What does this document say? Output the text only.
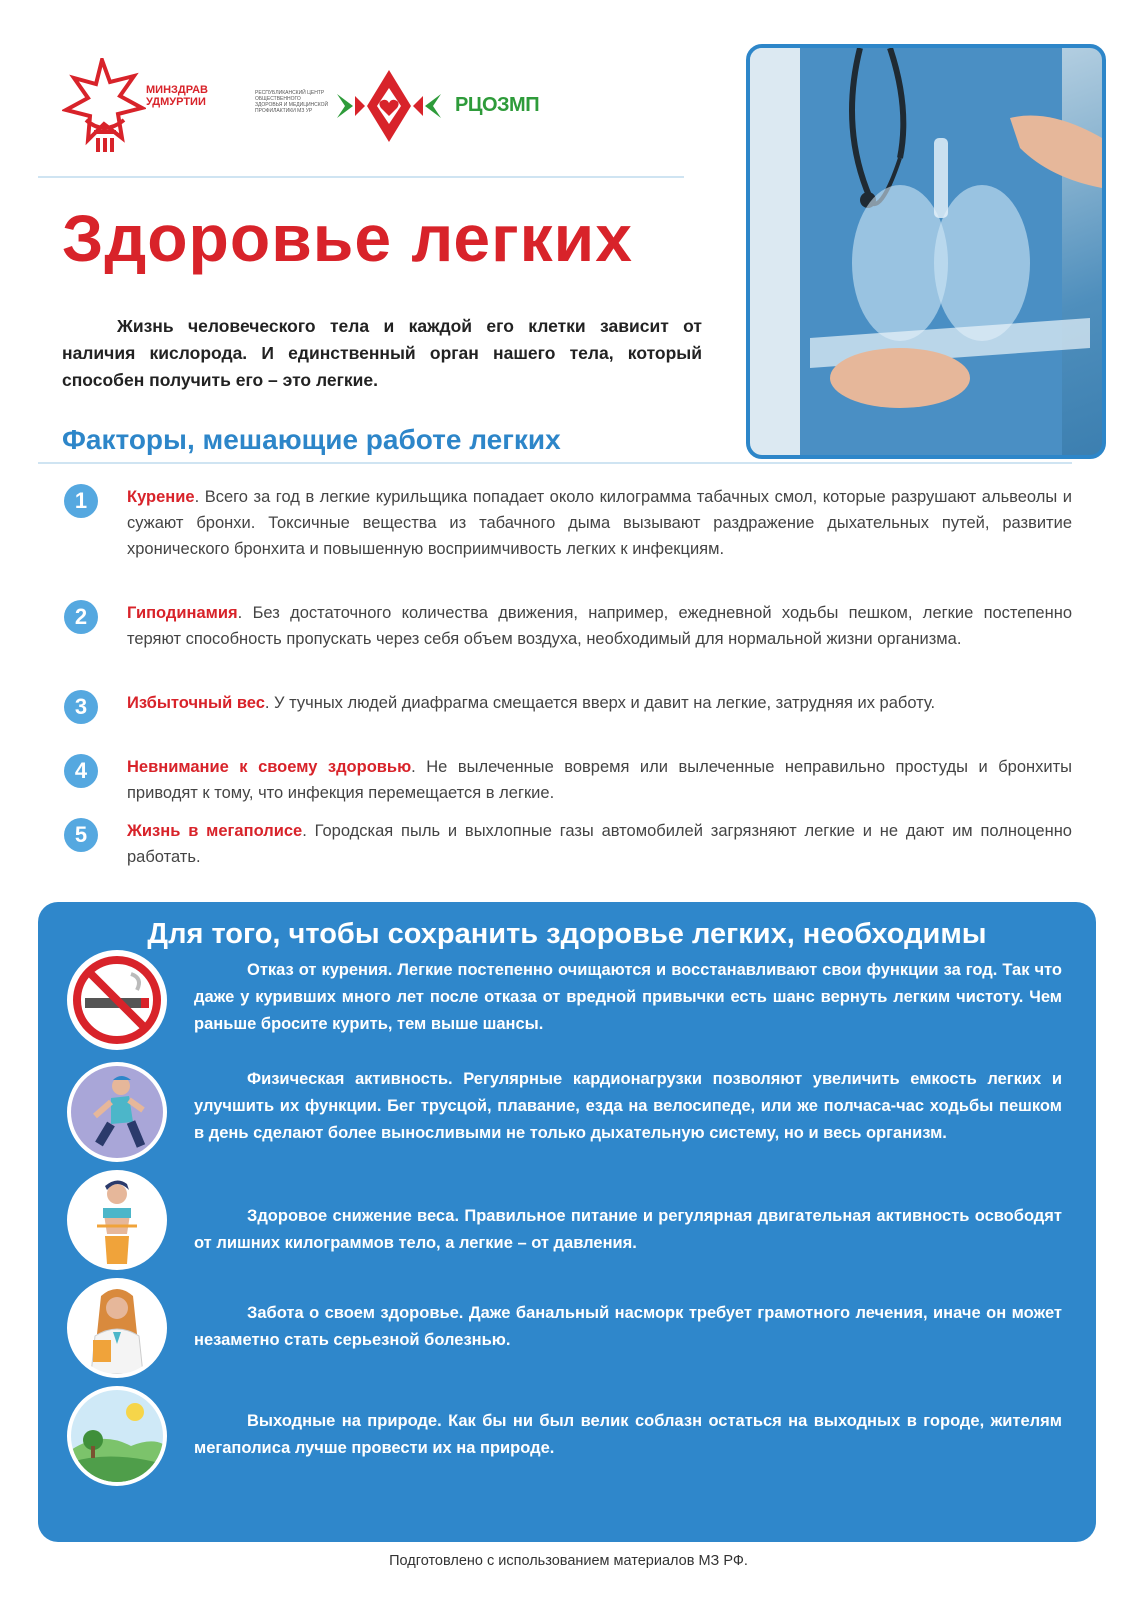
МИНЗДРАВ
УДМУРТИИ
РЕСПУБЛИКАНСКИЙ ЦЕНТР ОБЩЕСТВЕННОГО ЗДОРОВЬЯ И МЕДИЦИНСКОЙ ПРОФИЛАКТИКИ МЗ УР	РЦОЗМП
Здоровье легких
Жизнь человеческого тела и каждой его клетки зависит от наличия кислорода. И единственный орган нашего тела, который способен получить его – это легкие.
Факторы, мешающие работе легких
1	Курение. Всего за год в легкие курильщика попадает около килограмма табачных смол, которые разрушают альвеолы и сужают бронхи. Токсичные вещества из табачного дыма вызывают раздражение дыхательных путей, развитие хронического бронхита и повышенную восприимчивость легких к инфекциям.
2	Гиподинамия. Без достаточного количества движения, например, ежедневной ходьбы пешком, легкие постепенно теряют способность пропускать через себя объем воздуха, необходимый для нормальной жизни организма.
3	Избыточный вес. У тучных людей диафрагма смещается вверх и давит на легкие, затрудняя их работу.
4	Невнимание к своему здоровью. Не вылеченные вовремя или вылеченные неправильно простуды и бронхиты приводят к тому, что инфекция перемещается в легкие.
5	Жизнь в мегаполисе. Городская пыль и выхлопные газы автомобилей загрязняют легкие и не дают им полноценно работать.
Для того, чтобы сохранить здоровье легких, необходимы
Отказ от курения. Легкие постепенно очищаются и восстанавливают свои функции за год. Так что даже у куривших много лет после отказа от вредной привычки есть шанс вернуть легким чистоту. Чем раньше бросите курить, тем выше шансы.
Физическая активность. Регулярные кардионагрузки позволяют увеличить емкость легких и улучшить их функции. Бег трусцой, плавание, езда на велосипеде, или же полчаса-час ходьбы пешком в день сделают более выносливыми не только дыхательную систему, но и весь организм.
Здоровое снижение веса. Правильное питание и регулярная двигательная активность освободят от лишних килограммов тело, а легкие – от давления.
Забота о своем здоровье. Даже банальный насморк требует грамотного лечения, иначе он может незаметно стать серьезной болезнью.
Выходные на природе. Как бы ни был велик соблазн остаться на выходных в городе, жителям мегаполиса лучше провести их на природе.
Подготовлено с использованием материалов МЗ РФ.
